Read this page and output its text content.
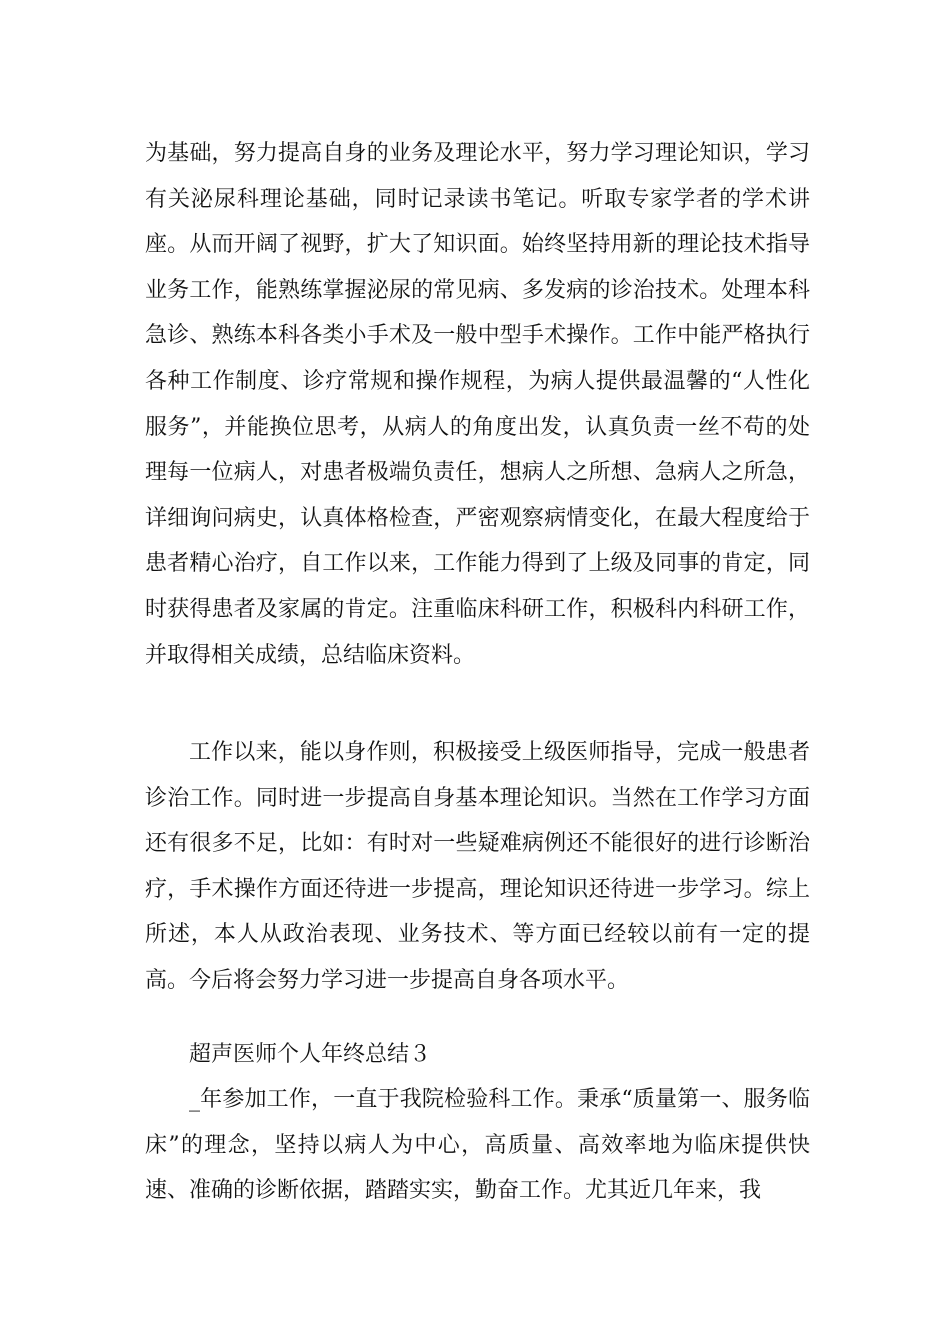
为基础，努力提高自身的业务及理论水平，努力学习理论知识，学习有关泌尿科理论基础，同时记录读书笔记。听取专家学者的学术讲座。从而开阔了视野，扩大了知识面。始终坚持用新的理论技术指导业务工作，能熟练掌握泌尿的常见病、多发病的诊治技术。处理本科急诊、熟练本科各类小手术及一般中型手术操作。工作中能严格执行各种工作制度、诊疗常规和操作规程，为病人提供最温馨的“人性化服务”，并能换位思考，从病人的角度出发，认真负责一丝不苟的处理每一位病人，对患者极端负责任，想病人之所想、急病人之所急，详细询问病史，认真体格检查，严密观察病情变化，在最大程度给于患者精心治疗，自工作以来，工作能力得到了上级及同事的肯定，同时获得患者及家属的肯定。注重临床科研工作，积极科内科研工作，并取得相关成绩，总结临床资料。

工作以来，能以身作则，积极接受上级医师指导，完成一般患者诊治工作。同时进一步提高自身基本理论知识。当然在工作学习方面还有很多不足，比如：有时对一些疑难病例还不能很好的进行诊断治疗，手术操作方面还待进一步提高，理论知识还待进一步学习。综上所述，本人从政治表现、业务技术、等方面已经较以前有一定的提高。今后将会努力学习进一步提高自身各项水平。

超声医师个人年终总结３

_年参加工作，一直于我院检验科工作。秉承“质量第一、服务临床”的理念，坚持以病人为中心，高质量、高效率地为临床提供快速、准确的诊断依据，踏踏实实，勤奋工作。尤其近几年来，我
